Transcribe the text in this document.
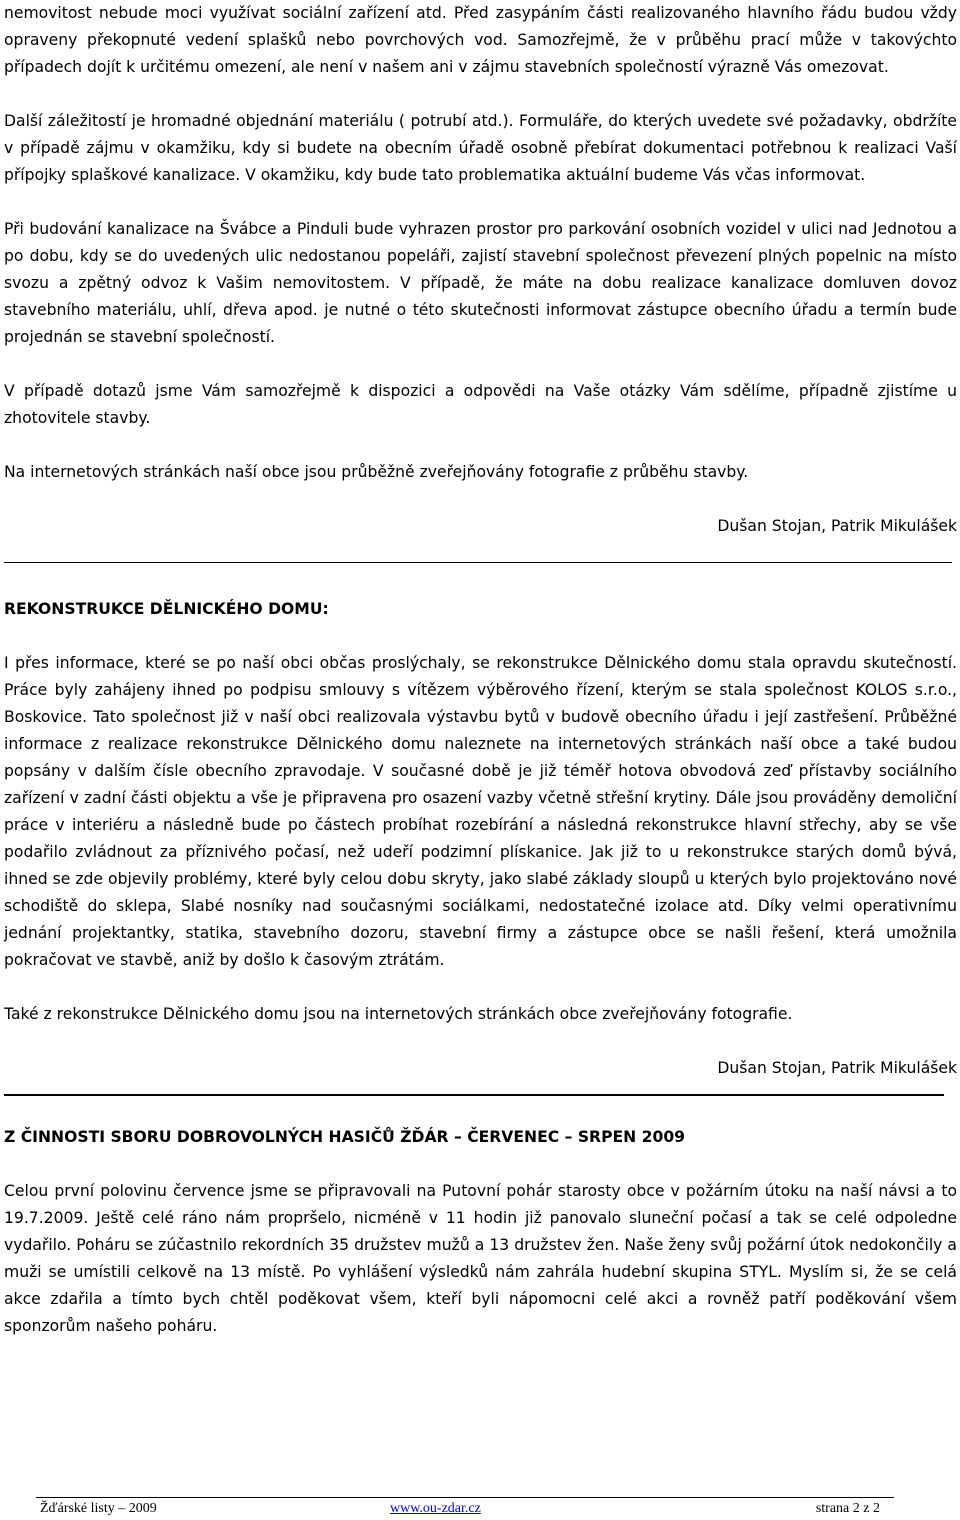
nemovitost nebude moci využívat sociální zařízení atd. Před zasypáním části realizovaného hlavního řádu budou vždy opraveny překopnuté vedení splašků nebo povrchových vod. Samozřejmě, že v průběhu prací může v takovýchto případech dojít k určitému omezení, ale není v našem ani v zájmu stavebních společností výrazně Vás omezovat.

Další záležitostí je hromadné objednání materiálu ( potrubí atd.). Formuláře, do kterých uvedete své požadavky, obdržíte v případě zájmu v okamžiku, kdy si budete na obecním úřadě osobně přebírat dokumentaci potřebnou k realizaci Vaší přípojky splaškové kanalizace. V okamžiku, kdy bude tato problematika aktuální budeme Vás včas informovat.

Při budování kanalizace na Švábce a Pinduli bude vyhrazen prostor pro parkování osobních vozidel v ulici nad Jednotou a po dobu, kdy se do uvedených ulic nedostanou popeláři, zajistí stavební společnost převezení plných popelnic na místo svozu a zpětný odvoz k Vašim nemovitostem. V případě, že máte na dobu realizace kanalizace domluven dovoz stavebního materiálu, uhlí, dřeva apod. je nutné o této skutečnosti informovat zástupce obecního úřadu a termín bude projednán se stavební společností.

V případě dotazů jsme Vám samozřejmě k dispozici a odpovědi na Vaše otázky Vám sdělíme, případně zjistíme u zhotovitele stavby.

Na internetových stránkách naší obce jsou průběžně zveřejňovány fotografie z průběhu stavby.

Dušan Stojan, Patrik Mikulášek

REKONSTRUKCE DĚLNICKÉHO DOMU:

I přes informace, které se po naší obci občas proslýchaly, se rekonstrukce Dělnického domu stala opravdu skutečností. Práce byly zahájeny ihned po podpisu smlouvy s vítězem výběrového řízení, kterým se stala společnost KOLOS s.r.o., Boskovice. Tato společnost již v naší obci realizovala výstavbu bytů v budově obecního úřadu i její zastřešení. Průběžné informace z realizace rekonstrukce Dělnického domu naleznete na internetových stránkách naší obce a také budou popsány v dalším čísle obecního zpravodaje. V současné době je již téměř hotova obvodová zeď přístavby sociálního zařízení v zadní části objektu a vše je připravena pro osazení vazby včetně střešní krytiny. Dále jsou prováděny demoliční práce v interiéru a následně bude po částech probíhat rozebírání a následná rekonstrukce hlavní střechy, aby se vše podařilo zvládnout za příznivého počasí, než udeří podzimní plískanice. Jak již to u rekonstrukce starých domů bývá, ihned se zde objevily problémy, které byly celou dobu skryty, jako slabé základy sloupů u kterých bylo projektováno nové schodiště do sklepa, Slabé nosníky nad současnými sociálkami, nedostatečné izolace atd. Díky velmi operativnímu jednání projektantky, statika, stavebního dozoru, stavební firmy a zástupce obce se našli řešení, která umožnila pokračovat ve stavbě, aniž by došlo k časovým ztrátám.

Také z rekonstrukce Dělnického domu jsou na internetových stránkách obce zveřejňovány fotografie.

Dušan Stojan, Patrik Mikulášek

Z ČINNOSTI SBORU DOBROVOLNÝCH HASIČŮ ŽĎÁR – ČERVENEC – SRPEN 2009

Celou první polovinu července jsme se připravovali na Putovní pohár starosty obce v požárním útoku na naší návsi a to 19.7.2009. Ještě celé ráno nám propršelo, nicméně v 11 hodin již panovalo sluneční počasí a tak se celé odpoledne vydařilo. Poháru se zúčastnilo rekordních 35 družstev mužů a 13 družstev žen. Naše ženy svůj požární útok nedokončily a muži se umístili celkově na 13 místě. Po vyhlášení výsledků nám zahrála hudební skupina STYL. Myslím si, že se celá akce zdařila a tímto bych chtěl poděkovat všem, kteří byli nápomocni celé akci a rovněž patří poděkování všem sponzorům našeho poháru.

Žďárské listy – 2009	www.ou-zdar.cz	strana 2 z 2
